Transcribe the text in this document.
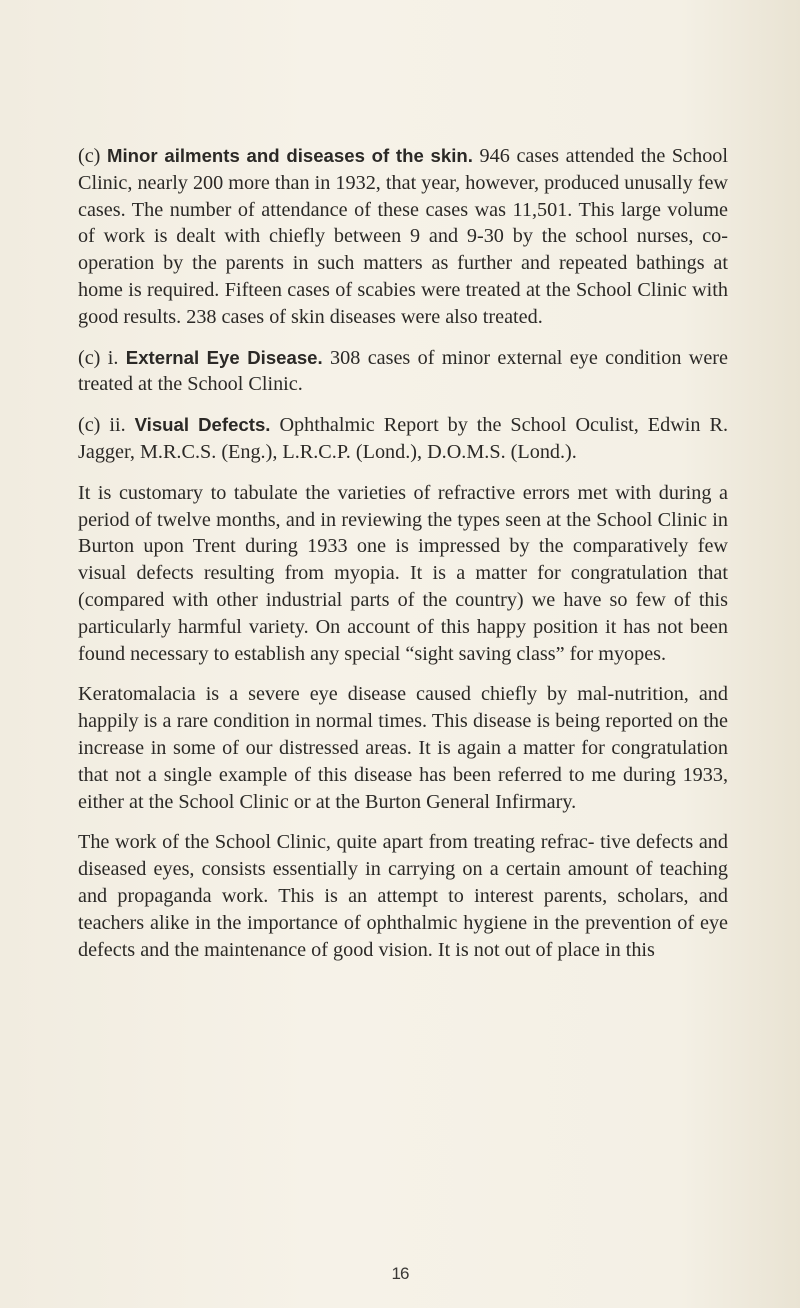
(c) Minor ailments and diseases of the skin. 946 cases attended the School Clinic, nearly 200 more than in 1932, that year, however, produced unusally few cases. The number of attendance of these cases was 11,501. This large volume of work is dealt with chiefly between 9 and 9-30 by the school nurses, co-operation by the parents in such matters as further and repeated bathings at home is required. Fifteen cases of scabies were treated at the School Clinic with good results. 238 cases of skin diseases were also treated.

(c) i. External Eye Disease. 308 cases of minor external eye condition were treated at the School Clinic.

(c) ii. Visual Defects. Ophthalmic Report by the School Oculist, Edwin R. Jagger, M.R.C.S. (Eng.), L.R.C.P. (Lond.), D.O.M.S. (Lond.).

It is customary to tabulate the varieties of refractive errors met with during a period of twelve months, and in reviewing the types seen at the School Clinic in Burton upon Trent during 1933 one is impressed by the comparatively few visual defects resulting from myopia. It is a matter for congratulation that (compared with other industrial parts of the country) we have so few of this particularly harmful variety. On account of this happy position it has not been found necessary to establish any special “sight saving class” for myopes.

Keratomalacia is a severe eye disease caused chiefly by mal-nutrition, and happily is a rare condition in normal times. This disease is being reported on the increase in some of our distressed areas. It is again a matter for congratulation that not a single example of this disease has been referred to me during 1933, either at the School Clinic or at the Burton General Infirmary.

The work of the School Clinic, quite apart from treating refrac- tive defects and diseased eyes, consists essentially in carrying on a certain amount of teaching and propaganda work. This is an attempt to interest parents, scholars, and teachers alike in the importance of ophthalmic hygiene in the prevention of eye defects and the maintenance of good vision. It is not out of place in this

16
